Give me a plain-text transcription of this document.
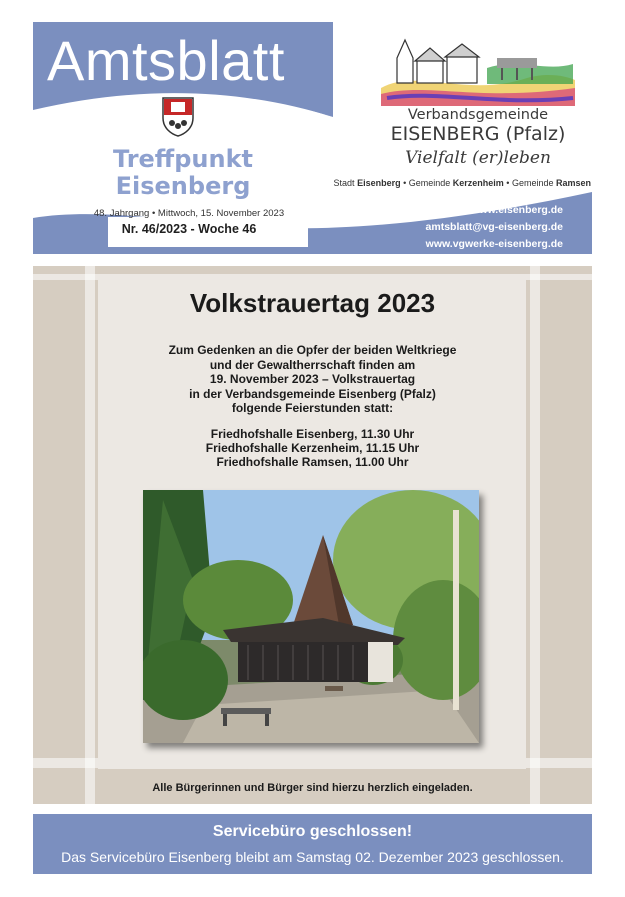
Amtsblatt
Treffpunkt
Eisenberg
48. Jahrgang • Mittwoch, 15. November 2023
Nr. 46/2023 - Woche 46
Verbandsgemeinde
EISENBERG (Pfalz)
Vielfalt (er)leben
Stadt Eisenberg • Gemeinde Kerzenheim • Gemeinde Ramsen
www.eisenberg.de
amtsblatt@vg-eisenberg.de
www.vgwerke-eisenberg.de
Volkstrauertag 2023
Zum Gedenken an die Opfer der beiden Weltkriege
und der Gewaltherrschaft finden am
19. November 2023 – Volkstrauertag
in der Verbandsgemeinde Eisenberg (Pfalz)
folgende Feierstunden statt:
Friedhofshalle Eisenberg, 11.30 Uhr
Friedhofshalle Kerzenheim, 11.15 Uhr
Friedhofshalle Ramsen, 11.00 Uhr
Alle Bürgerinnen und Bürger sind hierzu herzlich eingeladen.
Servicebüro geschlossen!
Das Servicebüro Eisenberg bleibt am Samstag 02. Dezember 2023 geschlossen.
